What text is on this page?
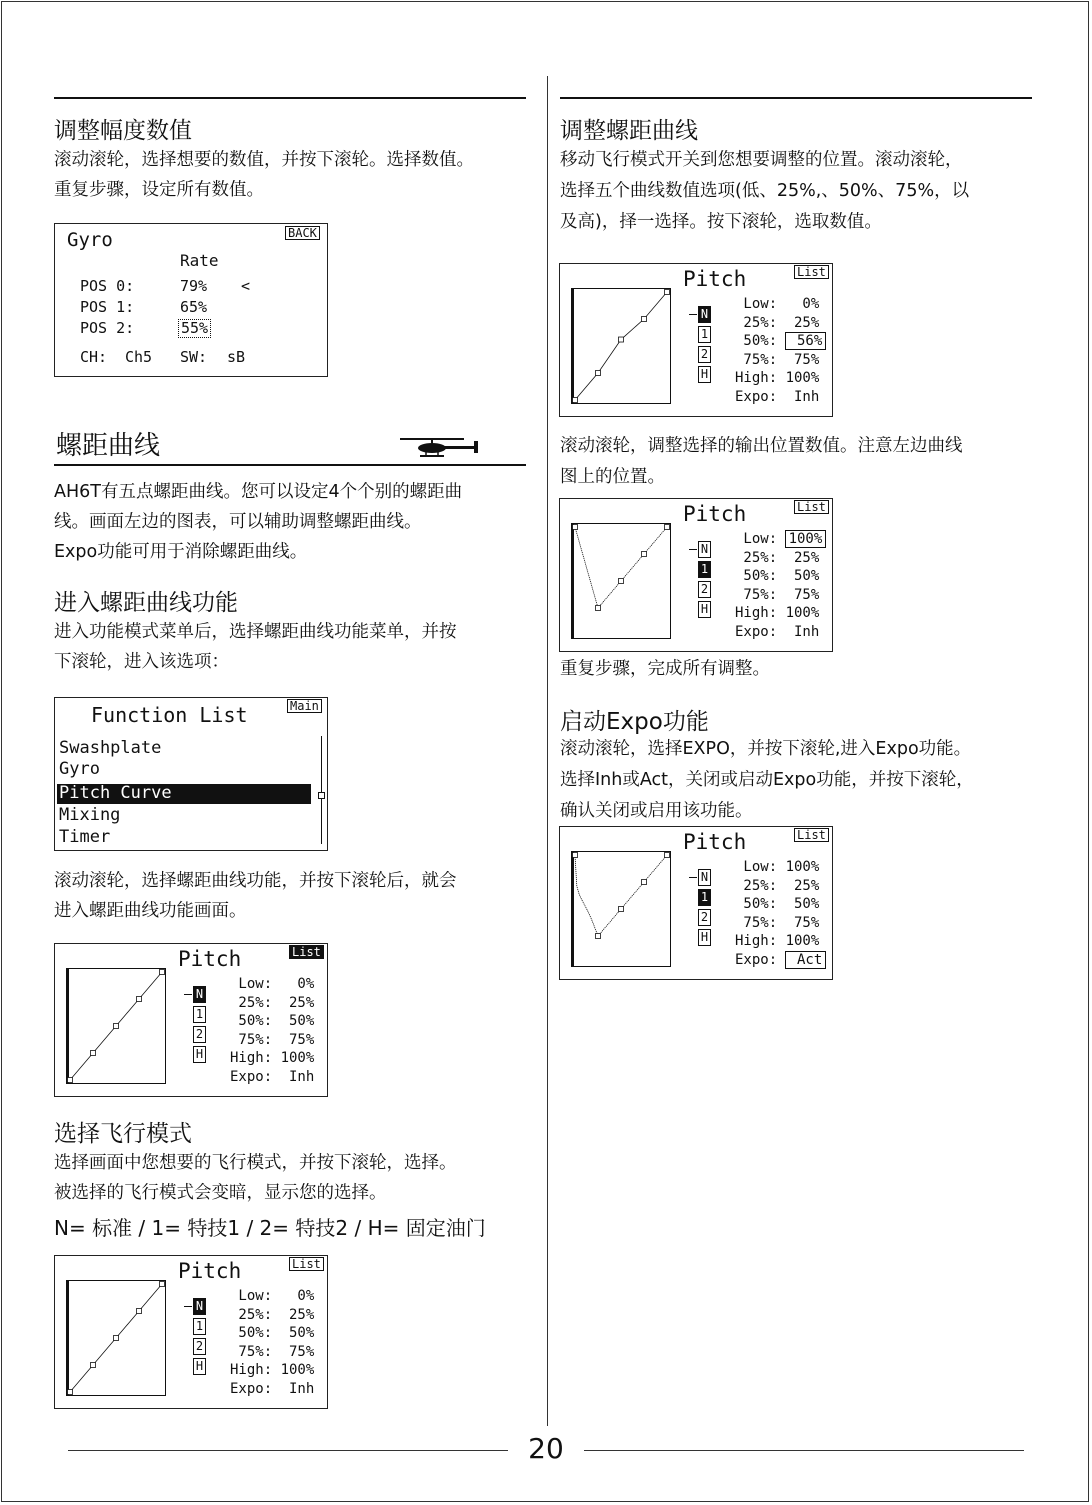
调整幅度数值
滚动滚轮，选择想要的数值，并按下滚轮。选择数值。
重复步骤，设定所有数值。
Gyro	BACK
Rate
POS 0:	79% <
POS 1:	65%
POS 2:	55%
CH: Ch5 SW: sB
螺距曲线
AH6T有五点螺距曲线。您可以设定4个个别的螺距曲
线。画面左边的图表，可以辅助调整螺距曲线。
Expo功能可用于消除螺距曲线。
进入螺距曲线功能
进入功能模式菜单后，选择螺距曲线功能菜单，并按
下滚轮，进入该选项：
Function List	Main
Swashplate
Gyro
Pitch Curve
Mixing
Timer
滚动滚轮，选择螺距曲线功能，并按下滚轮后，就会
进入螺距曲线功能画面。
Pitch	List
N
1
2
H
Low:   0%
25%:  25%
50%:  50%
75%:  75%
High: 100%
Expo:  Inh
选择飞行模式
选择画面中您想要的飞行模式，并按下滚轮，选择。
被选择的飞行模式会变暗，显示您的选择。
N= 标准 / 1= 特技1 / 2= 特技2 / H= 固定油门
Pitch	List
N
1
2
H
Low:   0%
25%:  25%
50%:  50%
75%:  75%
High: 100%
Expo:  Inh
调整螺距曲线
移动飞行模式开关到您想要调整的位置。滚动滚轮，
选择五个曲线数值选项(低、25%,、50%、75%，以
及高)，择一选择。按下滚轮，选取数值。
Pitch	List
N
1
2
H
Low:   0%
25%:  25%
50%:  56%
75%:  75%
High: 100%
Expo:  Inh
滚动滚轮，调整选择的输出位置数值。注意左边曲线
图上的位置。
Pitch	List
N
1
2
H
Low: 100%
25%:  25%
50%:  50%
75%:  75%
High: 100%
Expo:  Inh
重复步骤，完成所有调整。
启动Expo功能
滚动滚轮，选择EXPO，并按下滚轮,进入Expo功能。
选择Inh或Act，关闭或启动Expo功能，并按下滚轮，
确认关闭或启用该功能。
Pitch	List
N
1
2
H
Low: 100%
25%:  25%
50%:  50%
75%:  75%
High: 100%
Expo:  Act
20
